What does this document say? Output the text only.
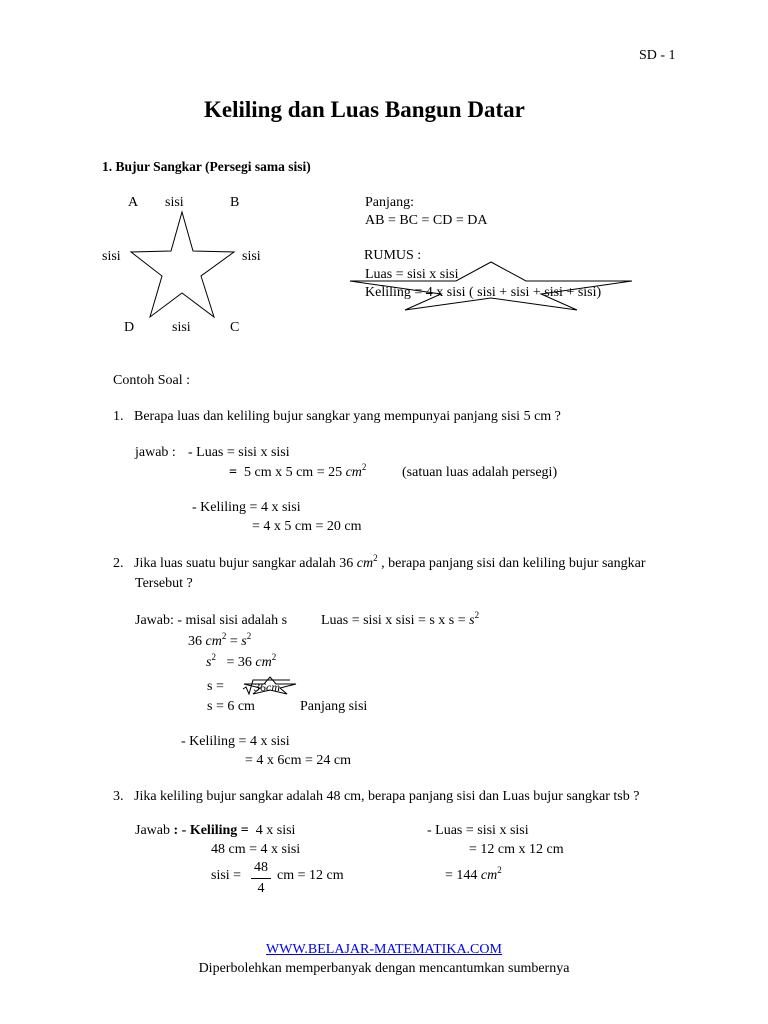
SD - 1
Keliling dan Luas Bangun Datar
1. Bujur Sangkar (Persegi sama sisi)
A sisi	B
sisi	sisi
D	sisi	C
Panjang:
AB = BC = CD = DA
RUMUS :
Luas = sisi x sisi
Keliling = 4 x sisi ( sisi + sisi + sisi + sisi)
Contoh Soal :
1. Berapa luas dan keliling bujur sangkar yang mempunyai panjang sisi 5 cm ?
jawab : - Luas = sisi x sisi
= 5 cm x 5 cm = 25 $cm^2$	(satuan luas adalah persegi)
- Keliling = 4 x sisi
= 4 x 5 cm = 20 cm
2. Jika luas suatu bujur sangkar adalah 36 $cm^2$ , berapa panjang sisi dan keliling bujur sangkar
Tersebut ?
Jawab: - misal sisi adalah s Luas = sisi x sisi = s x $s = s^2$
36 $cm^2 = s^2$
$s^2 = 36$ $cm^2$
s =	36cm
s = 6 cm	Panjang sisi
- Keliling = 4 x sisi
= 4 x 6cm = 24 cm
3. Jika keliling bujur sangkar adalah 48 cm, berapa panjang sisi dan Luas bujur sangkar tsb ?
Jawab : - Keliling =  4 x sisi
48 cm = 4 x sisi
sisi = $\frac{48}{4}$ cm = 12 cm
- Luas = sisi x sisi
= 12 cm x 12 cm
= 144 $cm^2$
WWW.BELAJAR-MATEMATIKA.COM
Diperbolehkan memperbanyak dengan mencantumkan sumbernya
